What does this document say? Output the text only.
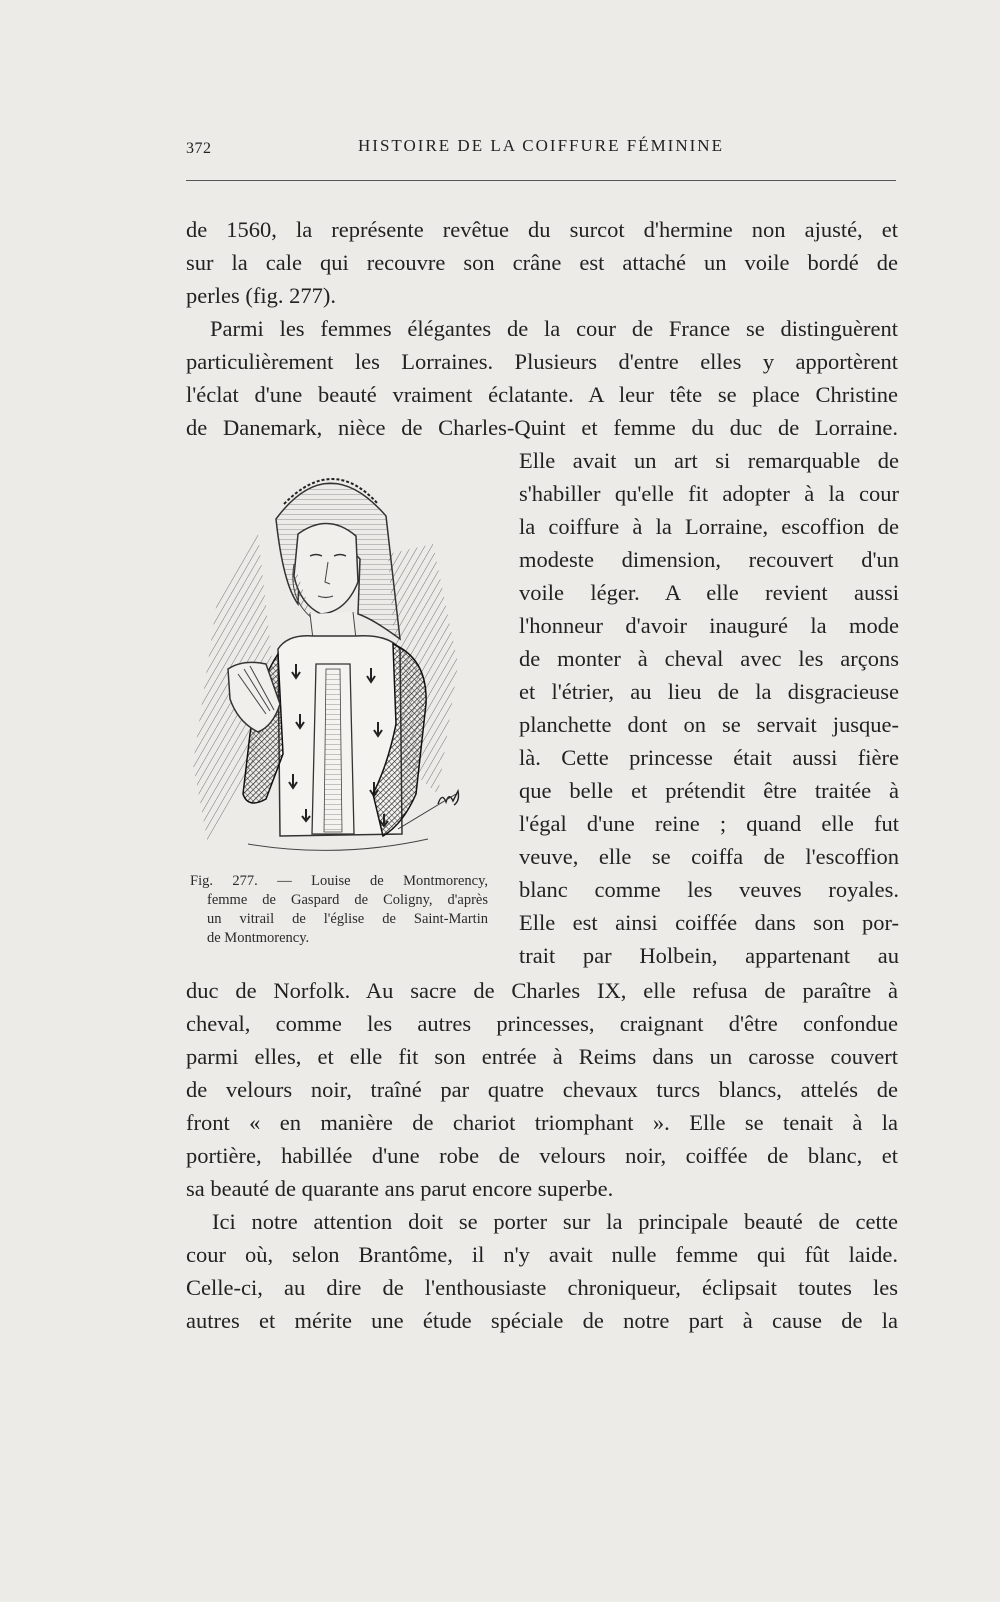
372	HISTOIRE DE LA COIFFURE FÉMININE
de 1560, la représente revêtue du surcot d'hermine non ajusté, et
sur la cale qui recouvre son crâne est attaché un voile bordé de
perles (fig. 277).
Parmi les femmes élégantes de la cour de France se distinguèrent
particulièrement les Lorraines. Plusieurs d'entre elles y apportèrent
l'éclat d'une beauté vraiment éclatante. A leur tête se place Christine
de Danemark, nièce de Charles-Quint et femme du duc de Lorraine.
Elle avait un art si remarquable de
s'habiller qu'elle fit adopter à la cour
la coiffure à la Lorraine, escoffion de
modeste dimension, recouvert d'un
voile léger. A elle revient aussi
l'honneur d'avoir inauguré la mode
de monter à cheval avec les arçons
et l'étrier, au lieu de la disgracieuse
planchette dont on se servait jusque-
là. Cette princesse était aussi fière
que belle et prétendit être traitée à
l'égal d'une reine ; quand elle fut
veuve, elle se coiffa de l'escoffion
blanc comme les veuves royales.
Elle est ainsi coiffée dans son por-
trait par Holbein, appartenant au
duc de Norfolk. Au sacre de Charles IX, elle refusa de paraître à
cheval, comme les autres princesses, craignant d'être confondue
parmi elles, et elle fit son entrée à Reims dans un carosse couvert
de velours noir, traîné par quatre chevaux turcs blancs, attelés de
front « en manière de chariot triomphant ». Elle se tenait à la
portière, habillée d'une robe de velours noir, coiffée de blanc, et
sa beauté de quarante ans parut encore superbe.
Ici notre attention doit se porter sur la principale beauté de cette
cour où, selon Brantôme, il n'y avait nulle femme qui fût laide.
Celle-ci, au dire de l'enthousiaste chroniqueur, éclipsait toutes les
autres et mérite une étude spéciale de notre part à cause de la
Fig. 277. — Louise de Montmorency,
femme de Gaspard de Coligny, d'après
un vitrail de l'église de Saint-Martin
de Montmorency.
